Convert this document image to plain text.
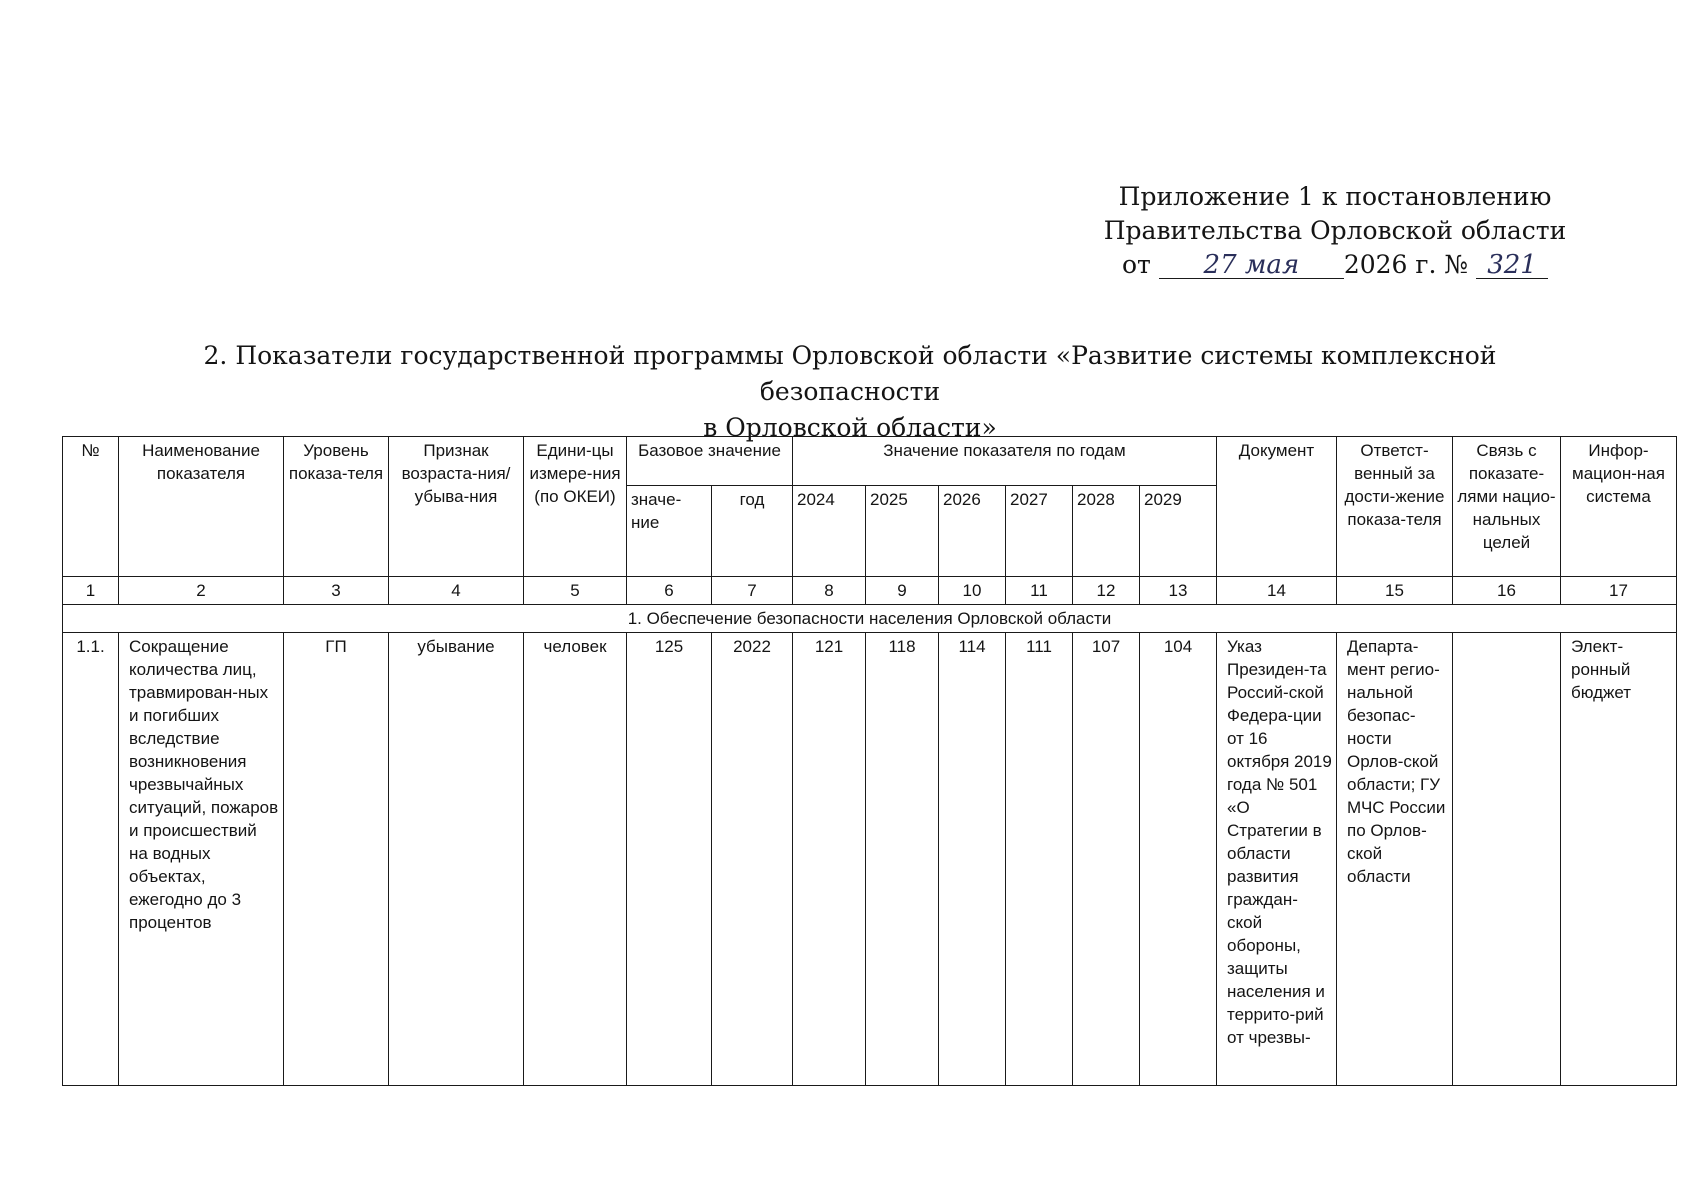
Приложение 1 к постановлению
Правительства Орловской области
от 27 мая 2026 г. № 321
2. Показатели государственной программы Орловской области «Развитие системы комплексной безопасности
в Орловской области»
№	Наименование показателя	Уровень показа-теля	Признак возраста-ния/убыва-ния	Едини-цы измере-ния (по ОКЕИ)	Базовое значение		Значение показателя по годам						Документ	Ответст-венный за дости-жение показа-теля	Связь с показате-лями нацио-нальных целей	Инфор-мацион-ная система
					значе-ние	год	2024	2025	2026	2027	2028	2029				
1	2	3	4	5	6	7	8	9	10	11	12	13	14	15	16	17
1. Обеспечение безопасности населения Орловской области																
1.1.	Сокращение количества лиц, травмирован-ных и погибших вследствие возникновения чрезвычайных ситуаций, пожаров и происшествий на водных объектах, ежегодно до 3 процентов	ГП	убывание	человек	125	2022	121	118	114	111	107	104	Указ Президен-та Россий-ской Федера-ции от 16 октября 2019 года № 501 «О Стратегии в области развития граждан-ской обороны, защиты населения и террито-рий от чрезвы-	Департа-мент регио-нальной безопас-ности Орлов-ской области; ГУ МЧС России по Орлов-ской области		Элект-ронный бюджет
